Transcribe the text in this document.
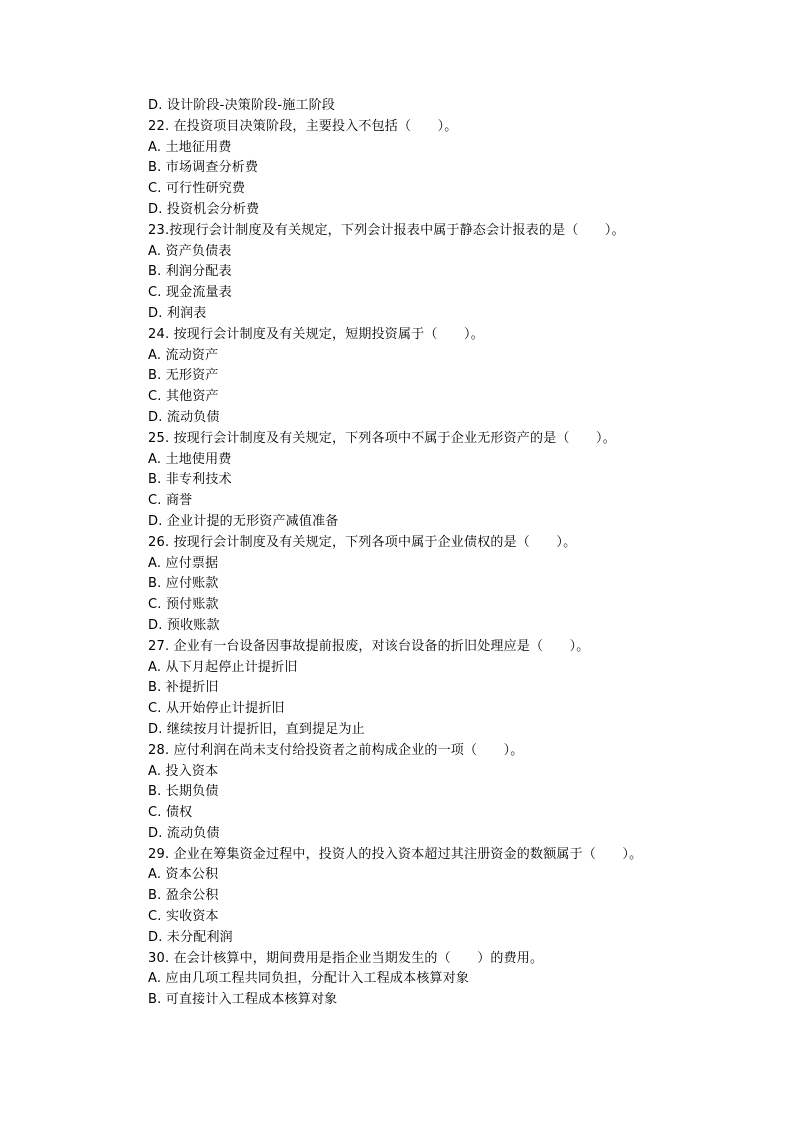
D. 设计阶段-决策阶段-施工阶段
22. 在投资项目决策阶段，主要投入不包括（　　）。
A. 土地征用费
B. 市场调查分析费
C. 可行性研究费
D. 投资机会分析费
23.按现行会计制度及有关规定，下列会计报表中属于静态会计报表的是（　　）。
A. 资产负债表
B. 利润分配表
C. 现金流量表
D. 利润表
24. 按现行会计制度及有关规定，短期投资属于（　　）。
A. 流动资产
B. 无形资产
C. 其他资产
D. 流动负债
25. 按现行会计制度及有关规定，下列各项中不属于企业无形资产的是（　　）。
A. 土地使用费
B. 非专利技术
C. 商誉
D. 企业计提的无形资产减值准备
26. 按现行会计制度及有关规定，下列各项中属于企业债权的是（　　）。
A. 应付票据
B. 应付账款
C. 预付账款
D. 预收账款
27. 企业有一台设备因事故提前报废，对该台设备的折旧处理应是（　　）。
A. 从下月起停止计提折旧
B. 补提折旧
C. 从开始停止计提折旧
D. 继续按月计提折旧，直到提足为止
28. 应付利润在尚未支付给投资者之前构成企业的一项（　　）。
A. 投入资本
B. 长期负债
C. 债权
D. 流动负债
29. 企业在筹集资金过程中，投资人的投入资本超过其注册资金的数额属于（　　）。
A. 资本公积
B. 盈余公积
C. 实收资本
D. 未分配利润
30. 在会计核算中，期间费用是指企业当期发生的（　　）的费用。
A. 应由几项工程共同负担，分配计入工程成本核算对象
B. 可直接计入工程成本核算对象
